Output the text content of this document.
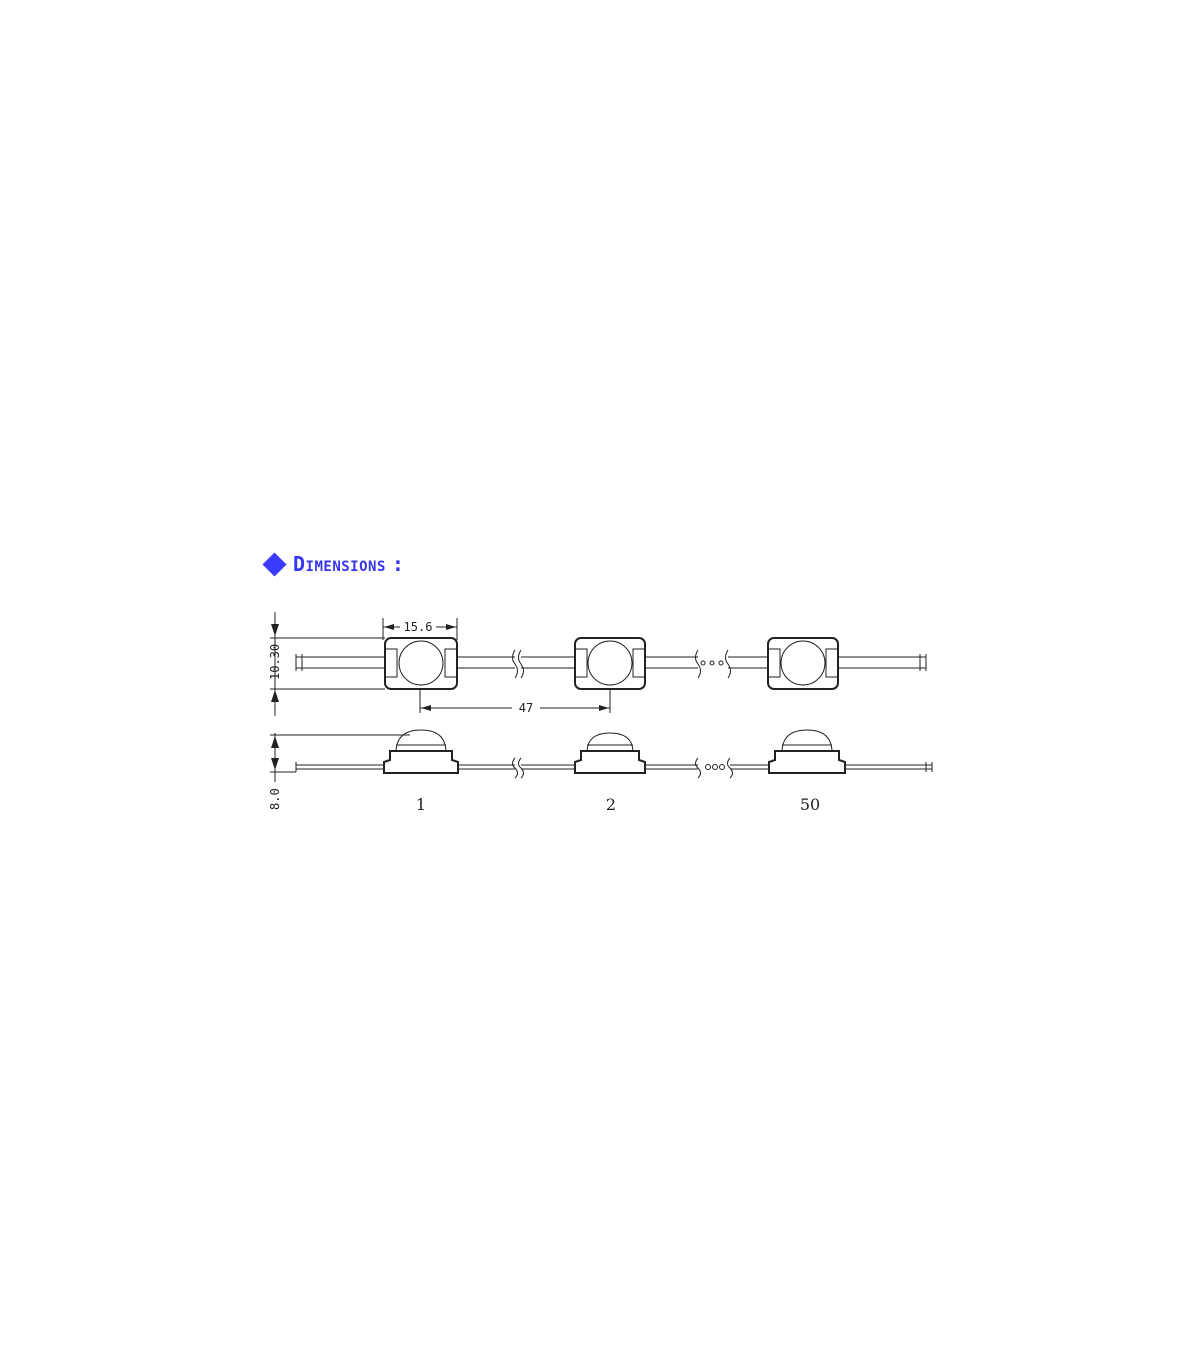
Dimensions :
10.30
15.6
47
8.0	1	2	50
